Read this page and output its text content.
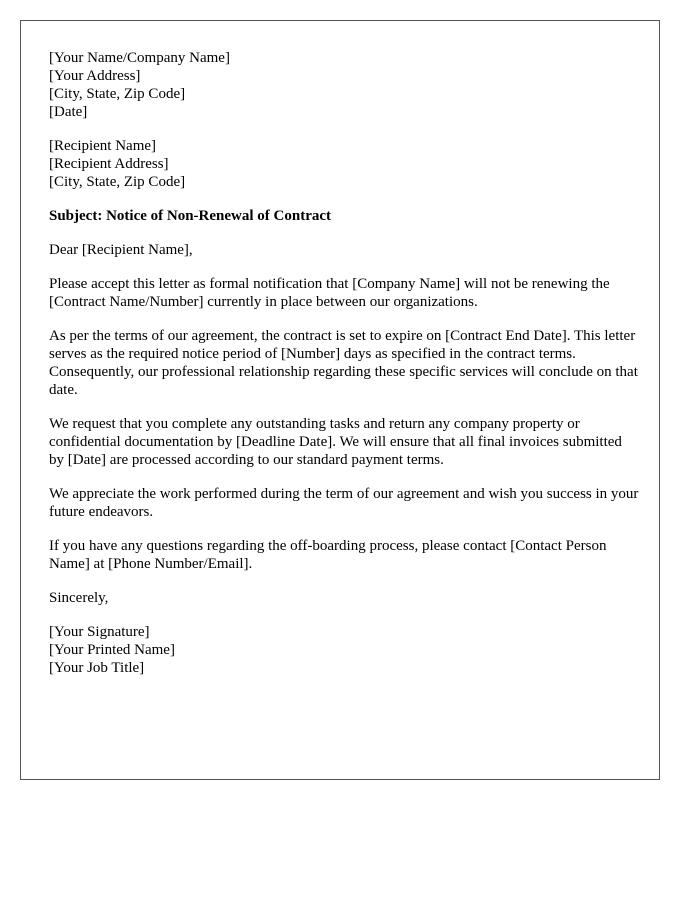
[Your Name/Company Name]
[Your Address]
[City, State, Zip Code]
[Date]
[Recipient Name]
[Recipient Address]
[City, State, Zip Code]

Subject: Notice of Non-Renewal of Contract

Dear [Recipient Name],

Please accept this letter as formal notification that [Company Name] will not be renewing the [Contract Name/Number] currently in place between our organizations.

As per the terms of our agreement, the contract is set to expire on [Contract End Date]. This letter serves as the required notice period of [Number] days as specified in the contract terms. Consequently, our professional relationship regarding these specific services will conclude on that date.

We request that you complete any outstanding tasks and return any company property or confidential documentation by [Deadline Date]. We will ensure that all final invoices submitted by [Date] are processed according to our standard payment terms.

We appreciate the work performed during the term of our agreement and wish you success in your future endeavors.

If you have any questions regarding the off-boarding process, please contact [Contact Person Name] at [Phone Number/Email].

Sincerely,

[Your Signature]
[Your Printed Name]
[Your Job Title]
